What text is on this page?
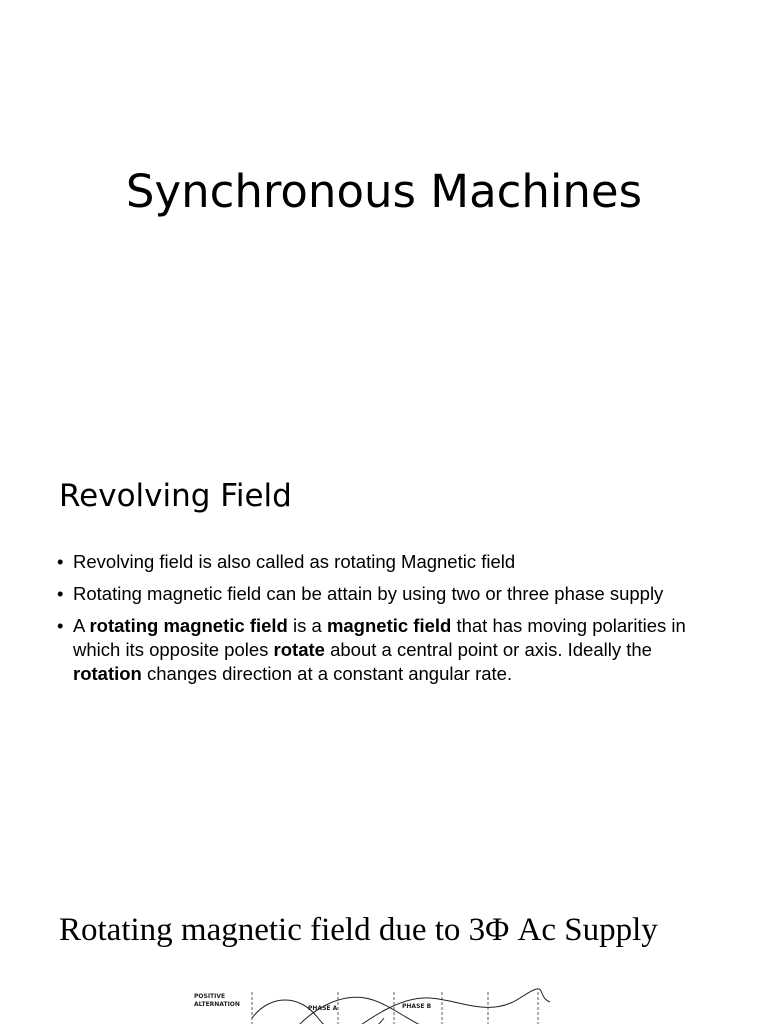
Synchronous Machines
Revolving Field
• Revolving field is also called as rotating Magnetic field
• Rotating magnetic field can be attain by using two or three phase supply
• A rotating magnetic field is a magnetic field that has moving polarities in which its opposite poles rotate about a central point or axis. Ideally the rotation changes direction at a constant angular rate.
Rotating magnetic field due to 3Φ Ac Supply
POSITIVE
ALTERNATION
PHASE A	PHASE B
